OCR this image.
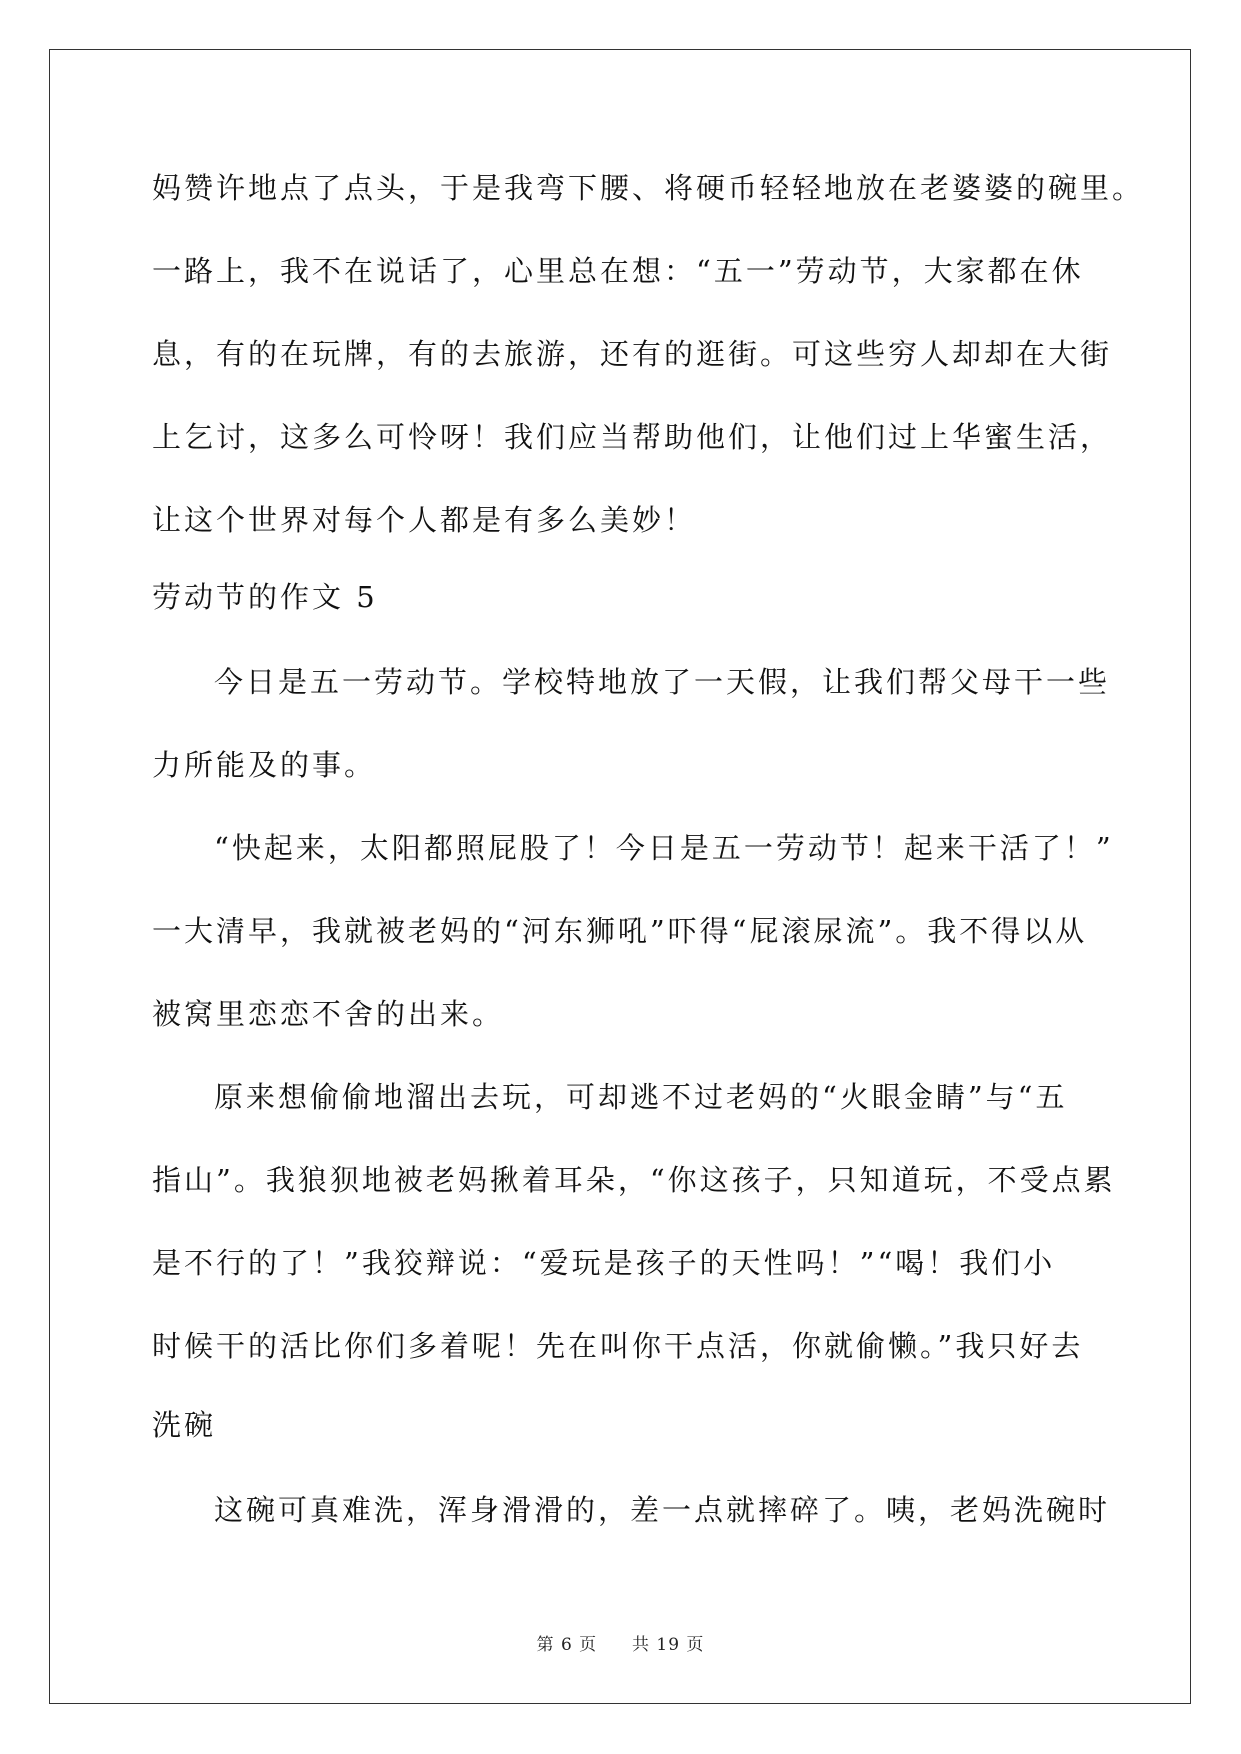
妈赞许地点了点头，于是我弯下腰、将硬币轻轻地放在老婆婆的碗里。
一路上，我不在说话了，心里总在想：“五一”劳动节，大家都在休
息，有的在玩牌，有的去旅游，还有的逛街。可这些穷人却却在大街
上乞讨，这多么可怜呀！我们应当帮助他们，让他们过上华蜜生活，
让这个世界对每个人都是有多么美妙！
劳动节的作文 5
今日是五一劳动节。学校特地放了一天假，让我们帮父母干一些
力所能及的事。
“快起来，太阳都照屁股了！今日是五一劳动节！起来干活了！”
一大清早，我就被老妈的“河东狮吼”吓得“屁滚尿流”。我不得以从
被窝里恋恋不舍的出来。
原来想偷偷地溜出去玩，可却逃不过老妈的“火眼金睛”与“五
指山”。我狼狈地被老妈揪着耳朵，“你这孩子，只知道玩，不受点累
是不行的了！”我狡辩说：“爱玩是孩子的天性吗！”“喝！我们小
时候干的活比你们多着呢！先在叫你干点活，你就偷懒。”我只好去
洗碗
这碗可真难洗，浑身滑滑的，差一点就摔碎了。咦，老妈洗碗时
第 6 页 共 19 页
